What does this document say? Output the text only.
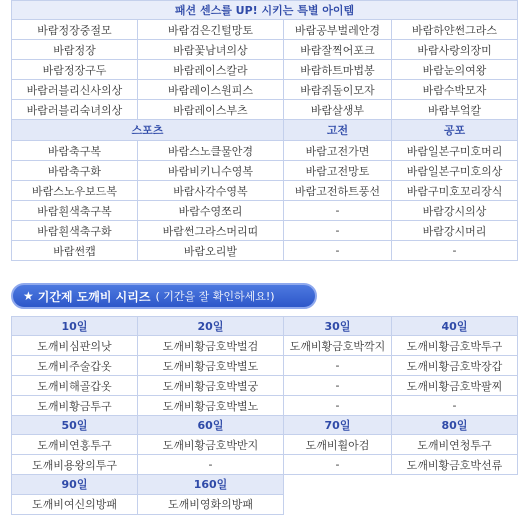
패션 센스를 UP! 시키는 특별 아이템			
바람정장중절모	바람검은긴털망토	바람공부벌레안경	바람하얀썬그라스
바람정장	바람꽃남녀의상	바람잘찍어포크	바람사랑의장미
바람정장구두	바람레이스칼라	바람하트마법봉	바람눈의여왕
바람러블리신사의상	바람레이스원피스	바람쥐돌이모자	바람수박모자
바람러블리숙녀의상	바람레이스부츠	바람살생부	바람부엌칼
스포츠		고전	공포
바람축구복	바람스노클물안경	바람고전가면	바람일본구미호머리
바람축구화	바람비키니수영복	바람고전망토	바람일본구미호의상
바람스노우보드복	바람사각수영복	바람고전하트풍선	바람구미호꼬리장식
바람흰색축구복	바람수영쪼리	-	바람강시의상
바람흰색축구화	바람썬그라스머리띠	-	바람강시머리
바람썬캡	바람오리발	-	-
★ 기간제 도깨비 시리즈 ( 기간을 잘 확인하세요!)
10일	20일	30일	40일
도깨비심판의낫	도깨비황금호박벌검	도깨비황금호박깍지	도깨비황금호박투구
도깨비주술갑옷	도깨비황금호박별도	-	도깨비황금호박장갑
도깨비해골갑옷	도깨비황금호박별궁	-	도깨비황금호박팔찌
도깨비황금투구	도깨비황금호박별노	-	-
50일	60일	70일	80일
도깨비연홍투구	도깨비황금호박반지	도깨비휠아검	도깨비연청투구
도깨비용왕의투구	-	-	도깨비황금호박선류
90일	160일		
도깨비여신의방패	도깨비영화의방패		
